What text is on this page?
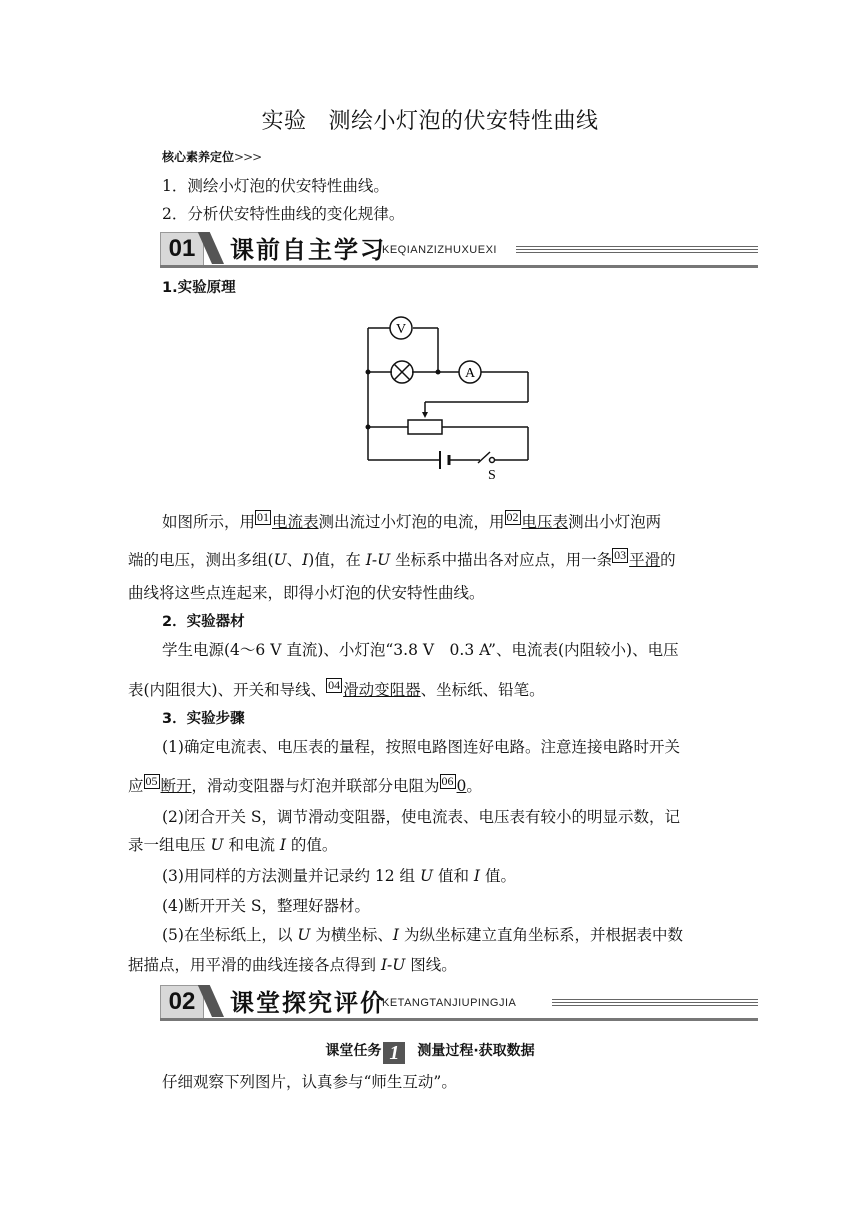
实验 测绘小灯泡的伏安特性曲线
核心素养定位>>>
1．测绘小灯泡的伏安特性曲线。
2．分析伏安特性曲线的变化规律。
01	课前自主学习
KEQIANZIZHUXUEXI
1.实验原理
V
A
S
如图所示，用 01 电流表测出流过小灯泡的电流，用 02 电压表测出小灯泡两
端的电压，测出多组(U、I)值，在 I-U 坐标系中描出各对应点，用一条 03 平滑的
曲线将这些点连起来，即得小灯泡的伏安特性曲线。
2．实验器材
学生电源(4～6 V 直流)、小灯泡“3.8 V　0.3 A”、电流表(内阻较小)、电压
表(内阻很大)、开关和导线、 04 滑动变阻器、坐标纸、铅笔。
3．实验步骤
(1)确定电流表、电压表的量程，按照电路图连好电路。注意连接电路时开关
应 05 断开，滑动变阻器与灯泡并联部分电阻为 06 0。
(2)闭合开关 S，调节滑动变阻器，使电流表、电压表有较小的明显示数，记
录一组电压 U 和电流 I 的值。
(3)用同样的方法测量并记录约 12 组 U 值和 I 值。
(4)断开开关 S，整理好器材。
(5)在坐标纸上，以 U 为横坐标、I 为纵坐标建立直角坐标系，并根据表中数
据描点，用平滑的曲线连接各点得到 I-U 图线。
02	课堂探究评价
KETANGTANJIUPINGJIA
课堂任务 1 测量过程·获取数据
仔细观察下列图片，认真参与“师生互动”。
